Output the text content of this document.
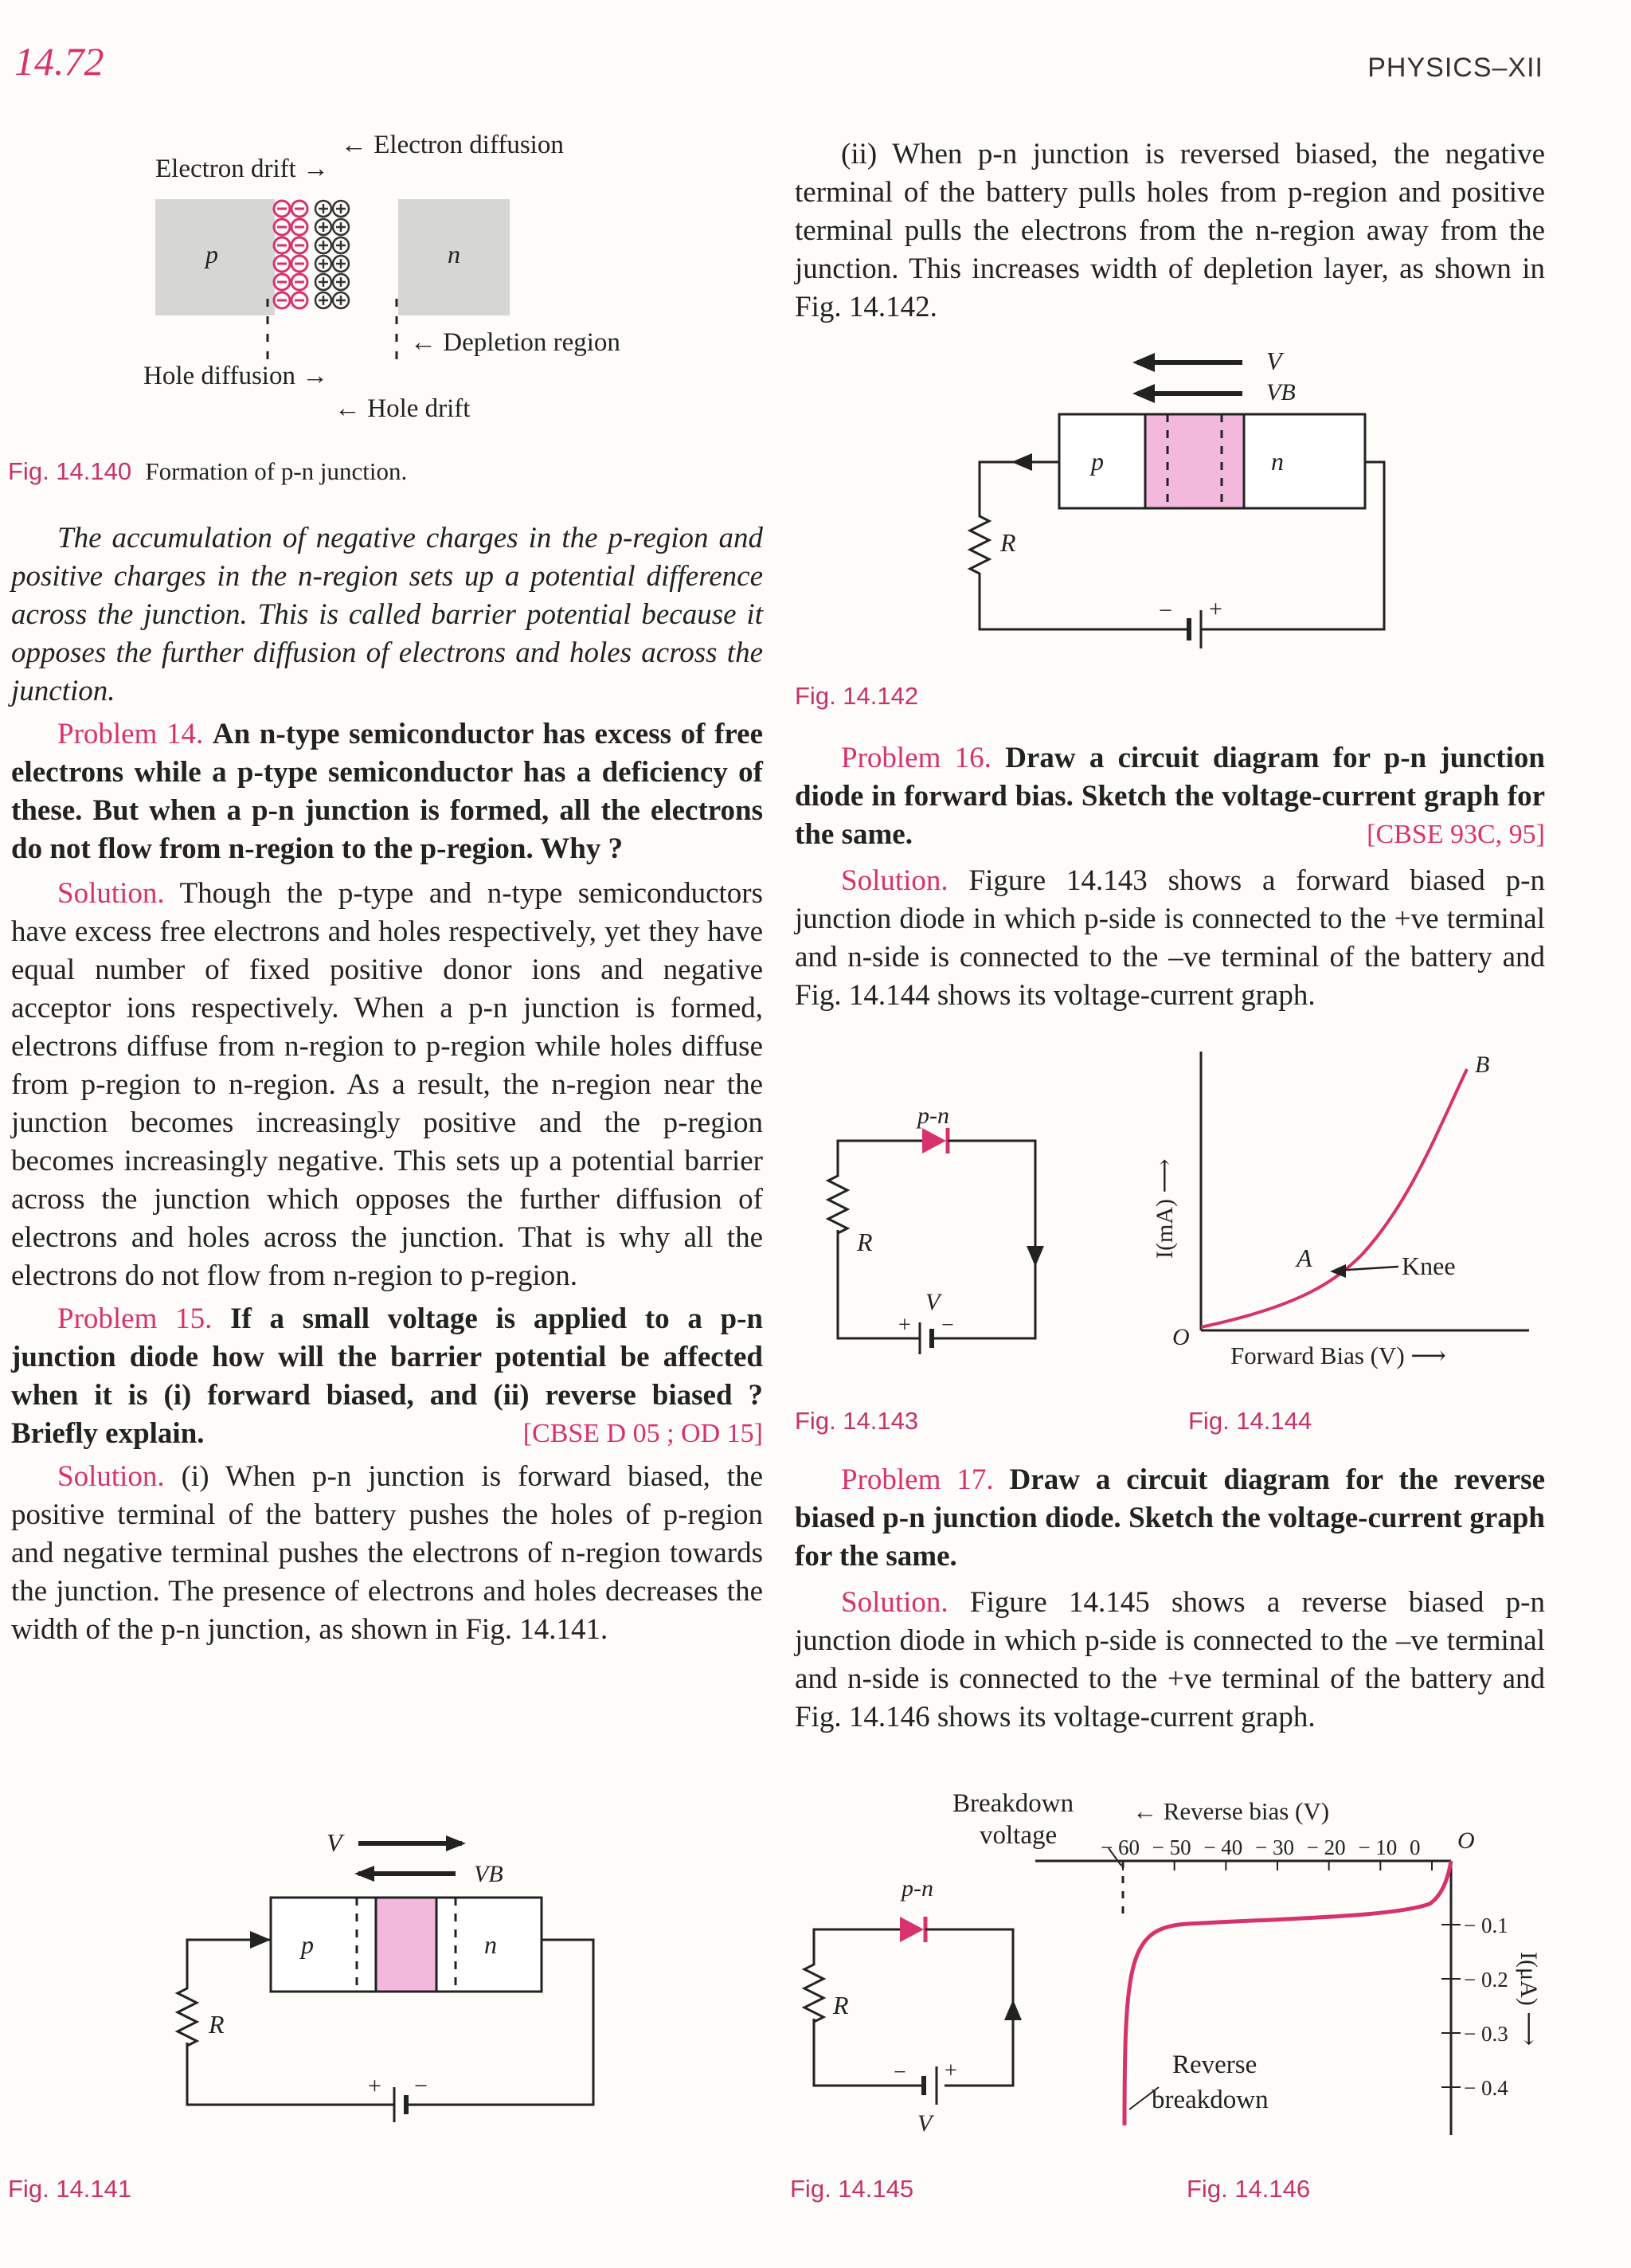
14.72	PHYSICS–XII
← Electron diffusion
Electron drift →
p	n
← Depletion region
Hole diffusion →
← Hole drift
Fig. 14.140 Formation of p-n junction.

The accumulation of negative charges in the p-region and positive charges in the n-region sets up a potential difference across the junction. This is called barrier potential because it opposes the further diffusion of electrons and holes across the junction.

Problem 14. An n-type semiconductor has excess of free electrons while a p-type semiconductor has a deficiency of these. But when a p-n junction is formed, all the electrons do not flow from n-region to the p-region. Why ?

Solution. Though the p-type and n-type semiconductors have excess free electrons and holes respectively, yet they have equal number of fixed positive donor ions and negative acceptor ions respectively. When a p-n junction is formed, electrons diffuse from n-region to p-region while holes diffuse from p-region to n-region. As a result, the n-region near the junction becomes increasingly positive and the p-region becomes increasingly negative. This sets up a potential barrier across the junction which opposes the further diffusion of electrons and holes across the junction. That is why all the electrons do not flow from n-region to p-region.

Problem 15. If a small voltage is applied to a p-n junction diode how will the barrier potential be affected when it is (i) forward biased, and (ii) reverse biased ? Briefly explain.	[CBSE D 05 ; OD 15]

Solution. (i) When p-n junction is forward biased, the positive terminal of the battery pushes the holes of p-region and negative terminal pushes the electrons of n-region towards the junction. The presence of electrons and holes decreases the width of the p-n junction, as shown in Fig. 14.141.

V
VB
p	n
R
+ −
Fig. 14.141

(ii) When p-n junction is reversed biased, the negative terminal of the battery pulls holes from p-region and positive terminal pulls the electrons from the n-region away from the junction. This increases width of depletion layer, as shown in Fig. 14.142.

V
VB
p	n
R
− +
Fig. 14.142

Problem 16. Draw a circuit diagram for p-n junction diode in forward bias. Sketch the voltage-current graph for the same.	[CBSE 93C, 95]

Solution. Figure 14.143 shows a forward biased p-n junction diode in which p-side is connected to the +ve terminal and n-side is connected to the –ve terminal of the battery and Fig. 14.144 shows its voltage-current graph.

p-n
R
+ −
V
Fig. 14.143
O
I(mA) ⟶
Forward Bias (V) ⟶
B
A	Knee
Fig. 14.144

Problem 17. Draw a circuit diagram for the reverse biased p-n junction diode. Sketch the voltage-current graph for the same.

Solution. Figure 14.145 shows a reverse biased p-n junction diode in which p-side is connected to the –ve terminal and n-side is connected to the +ve terminal of the battery and Fig. 14.146 shows its voltage-current graph.

p-n
R
− +
V
Fig. 14.145
Breakdown
voltage
← Reverse bias (V)
− 60 − 50 − 40 − 30 − 20 − 10 0
− 0.1
− 0.2
− 0.3
− 0.4
O
I(μA) ⟶
Reverse
breakdown
Fig. 14.146
